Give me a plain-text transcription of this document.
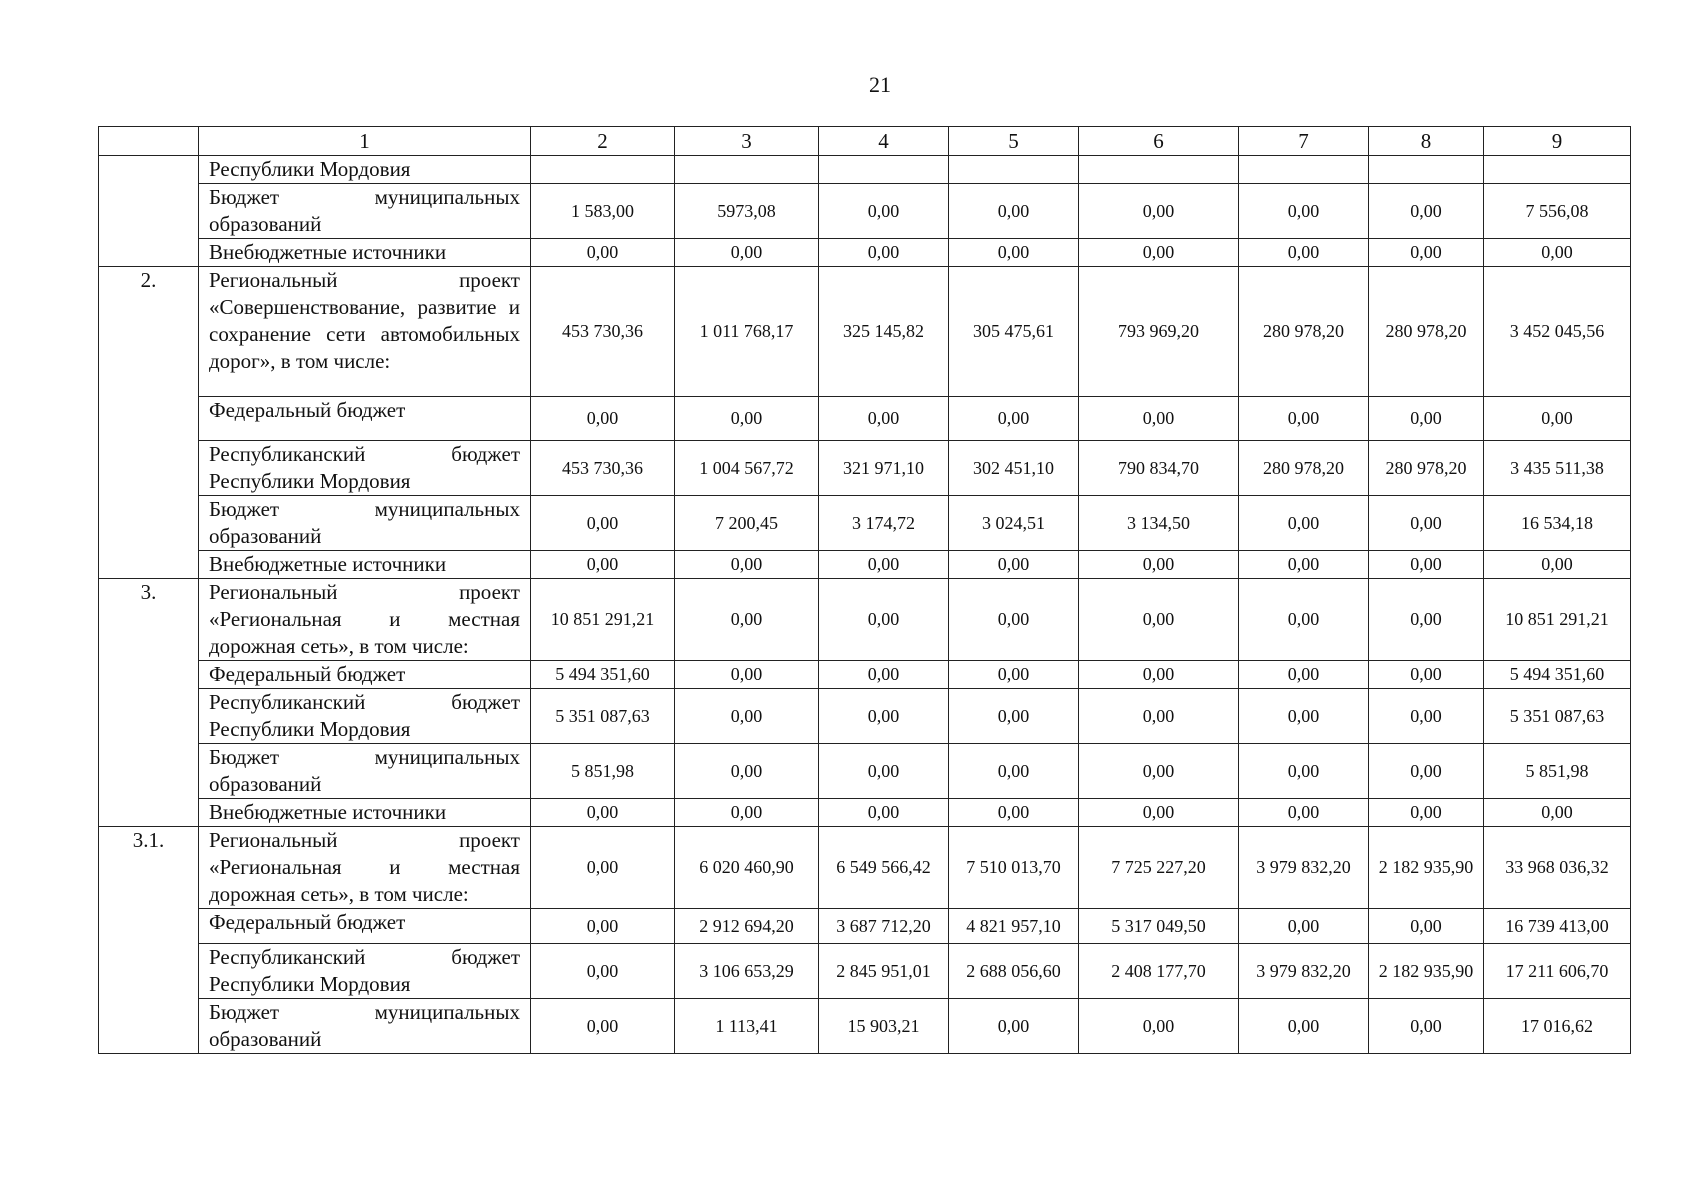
21
	1	2	3	4	5	6	7	8	9
	Республики Мордовия								
	Бюджет муниципальных образований	1 583,00	5973,08	0,00	0,00	0,00	0,00	0,00	7 556,08
	Внебюджетные источники	0,00	0,00	0,00	0,00	0,00	0,00	0,00	0,00
2.	Региональный проект «Совершенствование, развитие и сохранение сети автомобильных дорог», в том числе:	453 730,36	1 011 768,17	325 145,82	305 475,61	793 969,20	280 978,20	280 978,20	3 452 045,56
	Федеральный бюджет	0,00	0,00	0,00	0,00	0,00	0,00	0,00	0,00
	Республиканский бюджет Республики Мордовия	453 730,36	1 004 567,72	321 971,10	302 451,10	790 834,70	280 978,20	280 978,20	3 435 511,38
	Бюджет муниципальных образований	0,00	7 200,45	3 174,72	3 024,51	3 134,50	0,00	0,00	16 534,18
	Внебюджетные источники	0,00	0,00	0,00	0,00	0,00	0,00	0,00	0,00
3.	Региональный проект «Региональная и местная дорожная сеть», в том числе:	10 851 291,21	0,00	0,00	0,00	0,00	0,00	0,00	10 851 291,21
	Федеральный бюджет	5 494 351,60	0,00	0,00	0,00	0,00	0,00	0,00	5 494 351,60
	Республиканский бюджет Республики Мордовия	5 351 087,63	0,00	0,00	0,00	0,00	0,00	0,00	5 351 087,63
	Бюджет муниципальных образований	5 851,98	0,00	0,00	0,00	0,00	0,00	0,00	5 851,98
	Внебюджетные источники	0,00	0,00	0,00	0,00	0,00	0,00	0,00	0,00
3.1.	Региональный проект «Региональная и местная дорожная сеть», в том числе:	0,00	6 020 460,90	6 549 566,42	7 510 013,70	7 725 227,20	3 979 832,20	2 182 935,90	33 968 036,32
	Федеральный бюджет	0,00	2 912 694,20	3 687 712,20	4 821 957,10	5 317 049,50	0,00	0,00	16 739 413,00
	Республиканский бюджет Республики Мордовия	0,00	3 106 653,29	2 845 951,01	2 688 056,60	2 408 177,70	3 979 832,20	2 182 935,90	17 211 606,70
	Бюджет муниципальных образований	0,00	1 113,41	15 903,21	0,00	0,00	0,00	0,00	17 016,62
